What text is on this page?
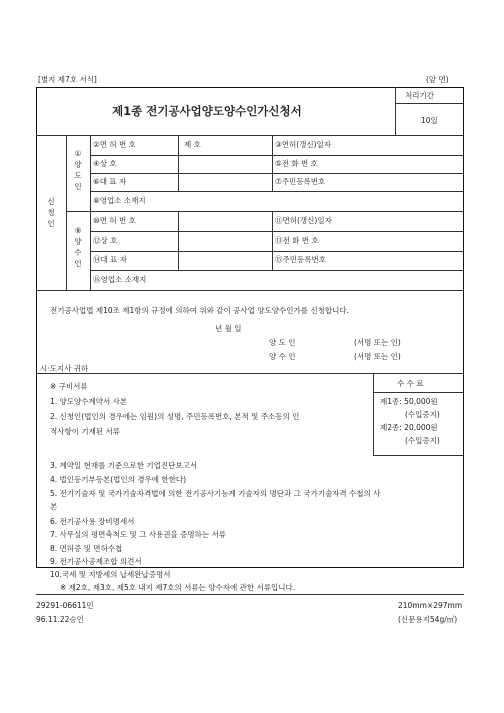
[별지 제7호 서식]	(앞 면)
제1종 전기공사업양도양수인가신청서
처리기간
10일
신
청
인
①
양
도
인
②면 허 번 호	제 호	③면허(갱신)일자
④상 호	⑤전 화 번 호
⑥대 표 자	⑦주민등록번호
⑧영업소 소재지
⑨
양
수
인
⑩면 허 번 호	⑪면허(갱신)일자
⑫상 호	⑬전 화 번 호
⑭대 표 자	⑮주민등록번호
⑯영업소 소재지
전기공사업법 제10조 제1항의 규정에 의하여 위와 같이 공사업 양도양수인가를 신청합니다.
년 월 일
양 도 인	(서명 또는 인)
양 수 인	(서명 또는 인)
시·도지사 귀하
수 수 료
제1종: 50,000원
(수입증지)
제2종: 20,000원
(수입증지)
※ 구비서류
1. 양도양수계약서 사본
2. 신청인(법인의 경우에는 임원)의 성명, 주민등록번호, 본적 및 주소등의 인
적사항이 기재된 서류
3. 계약일 현재를 기준으로한 기업진단보고서
4. 법인등기부등본(법인의 경우에 한한다)
5. 전기기술자 및 국가기술자격법에 의한 전기공사기능계 기술자의 명단과 그 국가기술자격 수첩의 사
본
6. 전기공사용 장비명세서
7. 사무실의 평면축척도 및 그 사용권을 증명하는 서류
8. 면허증 및 면허수첩
9. 전기공사공제조합 의견서
10.국세 및 지방세의 납세완납증명서
※ 제2호, 제3호, 제5호 내지 제7호의 서류는 양수자에 관한 서류입니다.
29291-06611민
96.11.22승인
210mm×297mm
(신문용지54g/㎡)
